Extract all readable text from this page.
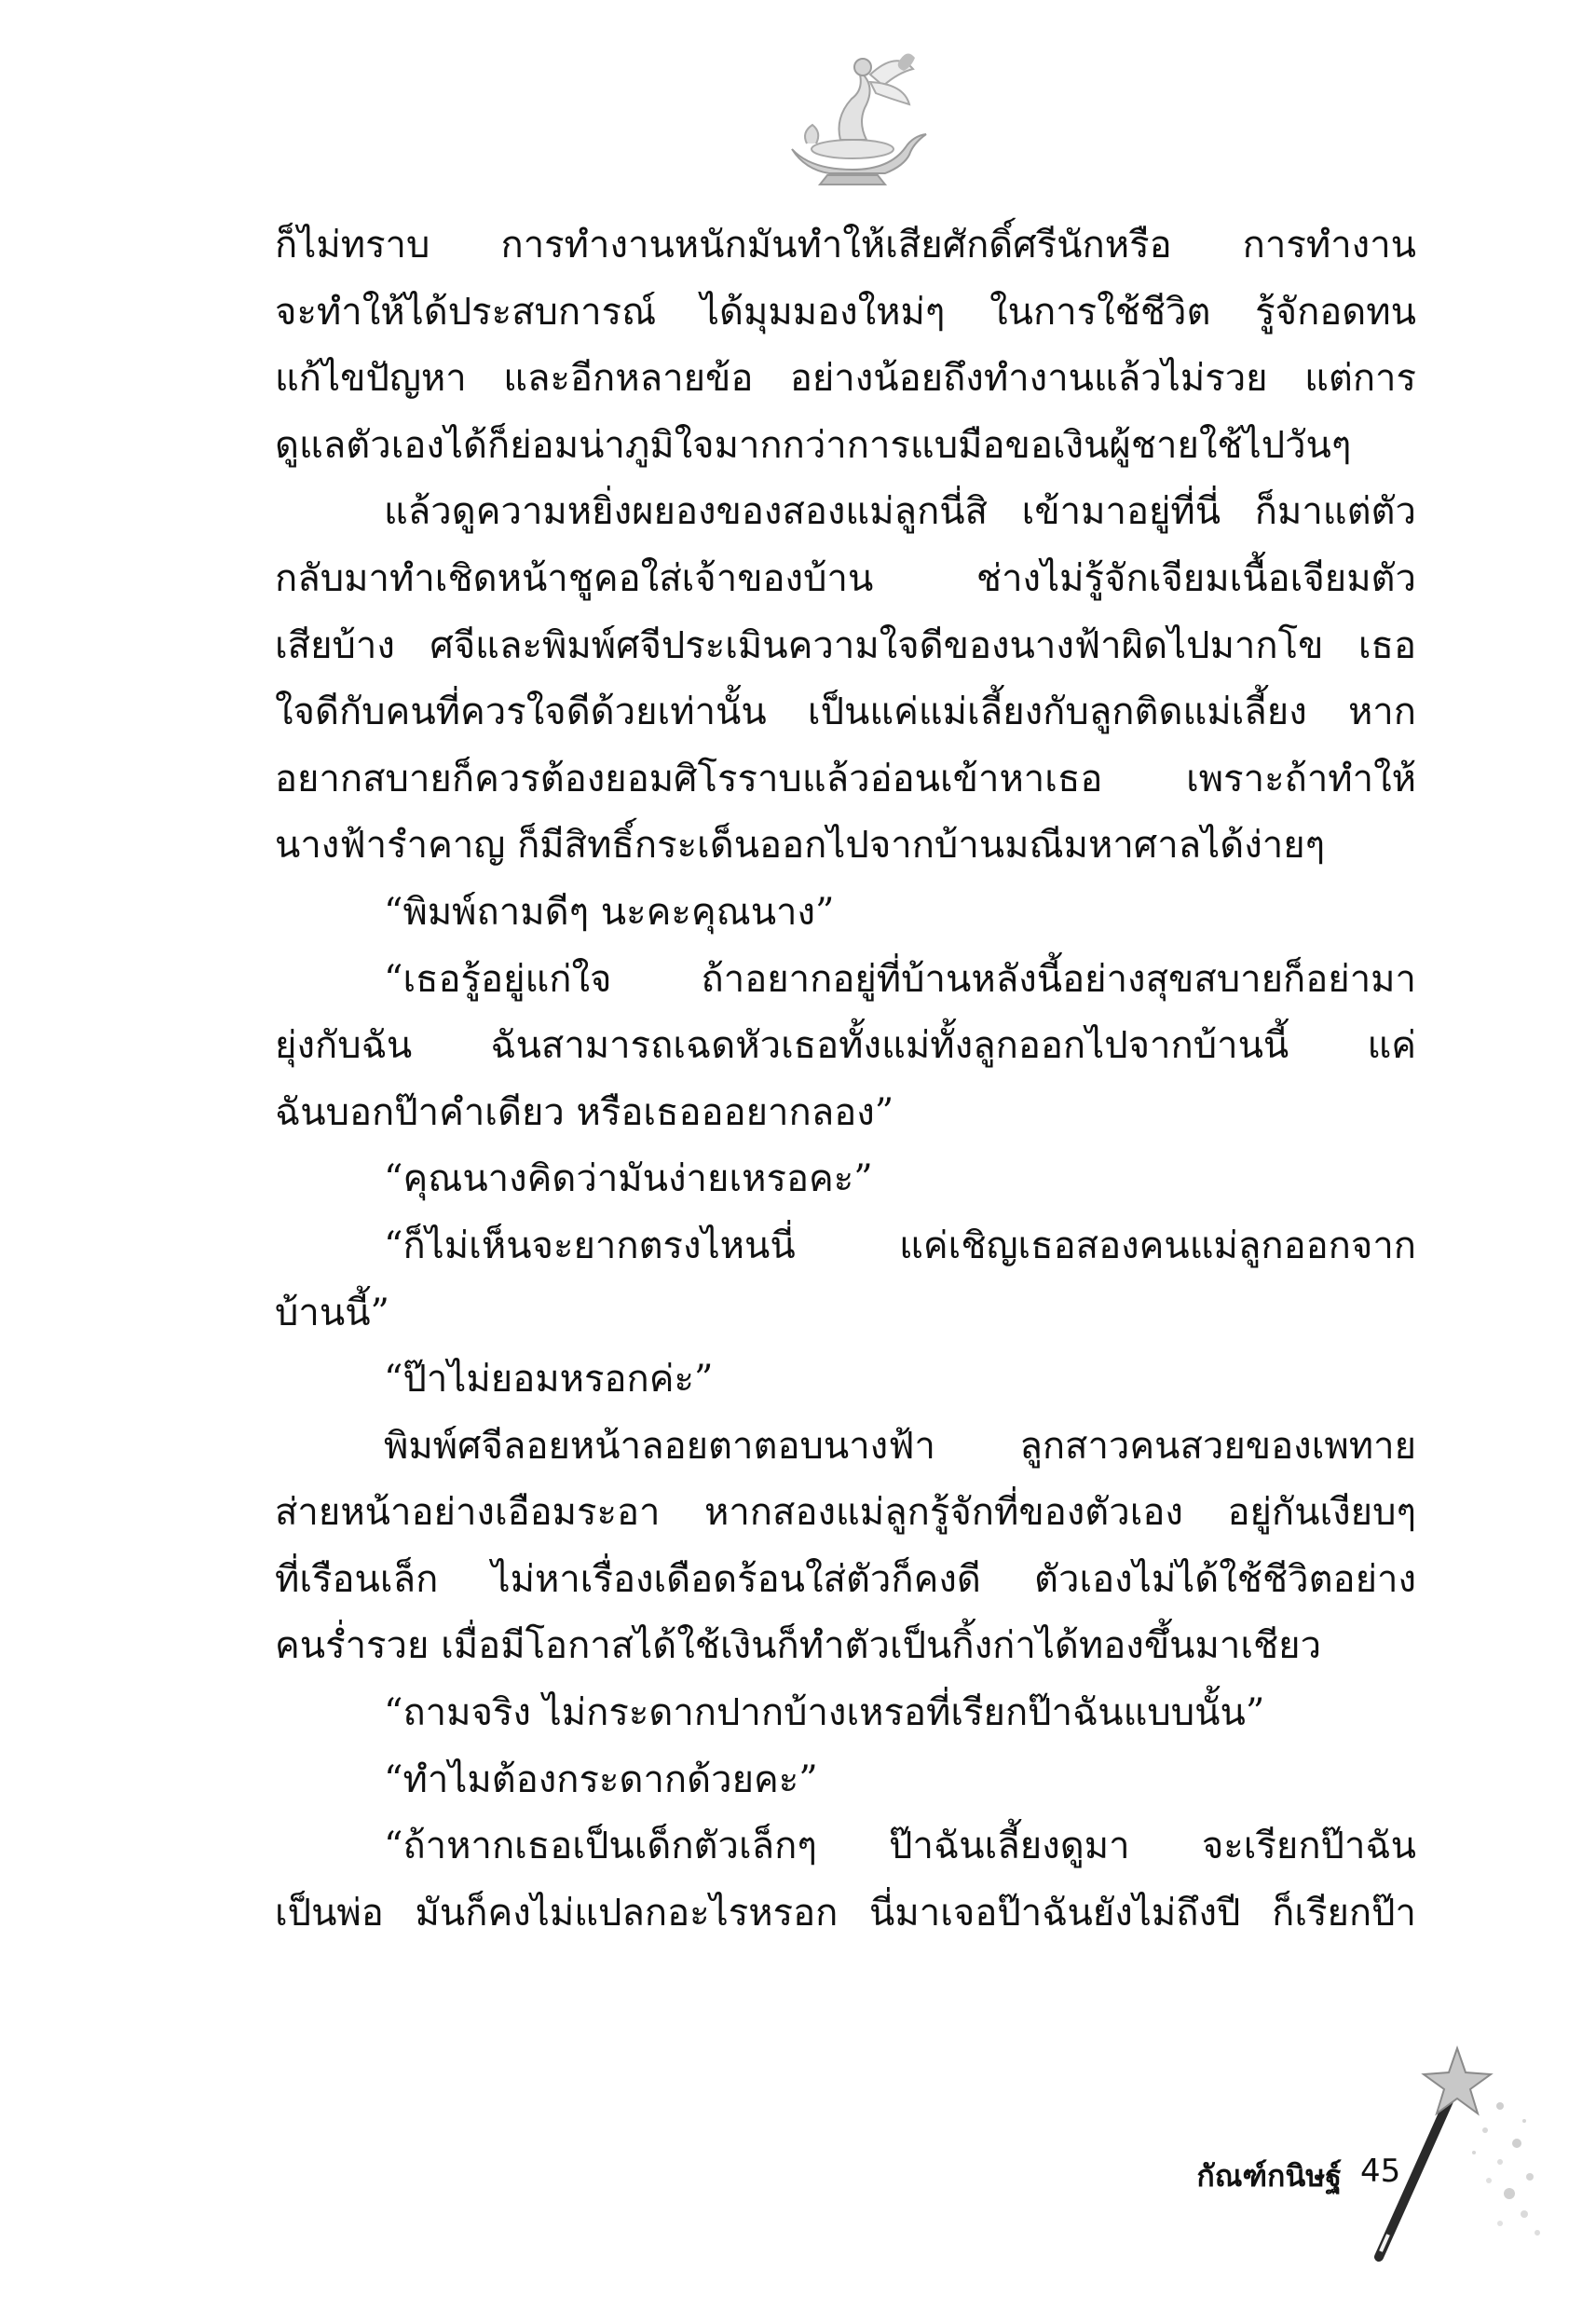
ก็ไม่ทราบ การทำงานหนักมันทำให้เสียศักดิ์ศรีนักหรือ การทำงาน
จะทำให้ได้ประสบการณ์ ได้มุมมองใหม่ๆ ในการใช้ชีวิต รู้จักอดทน
แก้ไขปัญหา และอีกหลายข้อ อย่างน้อยถึงทำงานแล้วไม่รวย แต่การ
ดูแลตัวเองได้ก็ย่อมน่าภูมิใจมากกว่าการแบมือขอเงินผู้ชายใช้ไปวันๆ
แล้วดูความหยิ่งผยองของสองแม่ลูกนี่สิ เข้ามาอยู่ที่นี่ ก็มาแต่ตัว
กลับมาทำเชิดหน้าชูคอใส่เจ้าของบ้าน ช่างไม่รู้จักเจียมเนื้อเจียมตัว
เสียบ้าง ศจีและพิมพ์ศจีประเมินความใจดีของนางฟ้าผิดไปมากโข เธอ
ใจดีกับคนที่ควรใจดีด้วยเท่านั้น เป็นแค่แม่เลี้ยงกับลูกติดแม่เลี้ยง หาก
อยากสบายก็ควรต้องยอมศิโรราบแล้วอ่อนเข้าหาเธอ เพราะถ้าทำให้
นางฟ้ารำคาญ ก็มีสิทธิ์กระเด็นออกไปจากบ้านมณีมหาศาลได้ง่ายๆ
“พิมพ์ถามดีๆ นะคะคุณนาง”
“เธอรู้อยู่แก่ใจ ถ้าอยากอยู่ที่บ้านหลังนี้อย่างสุขสบายก็อย่ามา
ยุ่งกับฉัน ฉันสามารถเฉดหัวเธอทั้งแม่ทั้งลูกออกไปจากบ้านนี้ แค่
ฉันบอกป๊าคำเดียว หรือเธอออยากลอง”
“คุณนางคิดว่ามันง่ายเหรอคะ”
“ก็ไม่เห็นจะยากตรงไหนนี่ แค่เชิญเธอสองคนแม่ลูกออกจาก
บ้านนี้”
“ป๊าไม่ยอมหรอกค่ะ”
พิมพ์ศจีลอยหน้าลอยตาตอบนางฟ้า ลูกสาวคนสวยของเพทาย
ส่ายหน้าอย่างเอือมระอา หากสองแม่ลูกรู้จักที่ของตัวเอง อยู่กันเงียบๆ
ที่เรือนเล็ก ไม่หาเรื่องเดือดร้อนใส่ตัวก็คงดี ตัวเองไม่ได้ใช้ชีวิตอย่าง
คนร่ำรวย เมื่อมีโอกาสได้ใช้เงินก็ทำตัวเป็นกิ้งก่าได้ทองขึ้นมาเชียว
“ถามจริง ไม่กระดากปากบ้างเหรอที่เรียกป๊าฉันแบบนั้น”
“ทำไมต้องกระดากด้วยคะ”
“ถ้าหากเธอเป็นเด็กตัวเล็กๆ ป๊าฉันเลี้ยงดูมา จะเรียกป๊าฉัน
เป็นพ่อ มันก็คงไม่แปลกอะไรหรอก นี่มาเจอป๊าฉันยังไม่ถึงปี ก็เรียกป๊า
กัณฑ์กนิษฐ์ 45
